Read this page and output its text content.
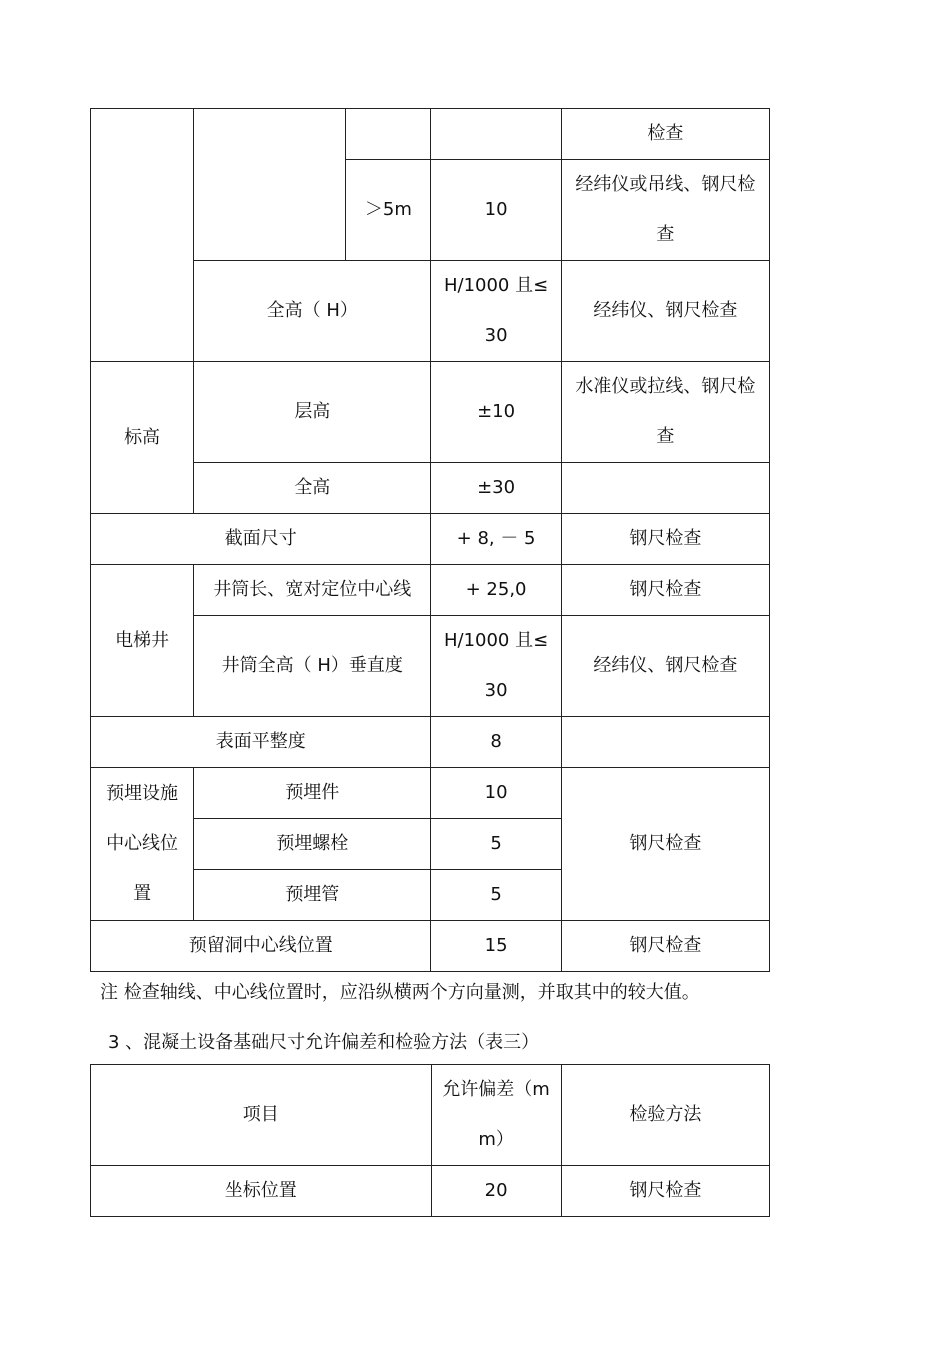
				检查
		＞5m	10	经纬仪或吊线、钢尺检查
	全高（ H）		H/1000 且≤30	经纬仪、钢尺检查
标高	层高		±10	水准仪或拉线、钢尺检查
	全高		±30	
截面尺寸			+ 8, － 5	钢尺检查
电梯井	井筒长、宽对定位中心线		+ 25,0	钢尺检查
	井筒全高（ H）垂直度		H/1000 且≤30	经纬仪、钢尺检查
表面平整度			8	
预埋设施中心线位置	预埋件		10	钢尺检查
	预埋螺栓		5	
	预埋管		5	
预留洞中心线位置			15	钢尺检查
注 检查轴线、中心线位置时，应沿纵横两个方向量测，并取其中的较大值。
3 、混凝土设备基础尺寸允许偏差和检验方法（表三）
项目	允许偏差（mm）	检验方法
坐标位置	20	钢尺检查
